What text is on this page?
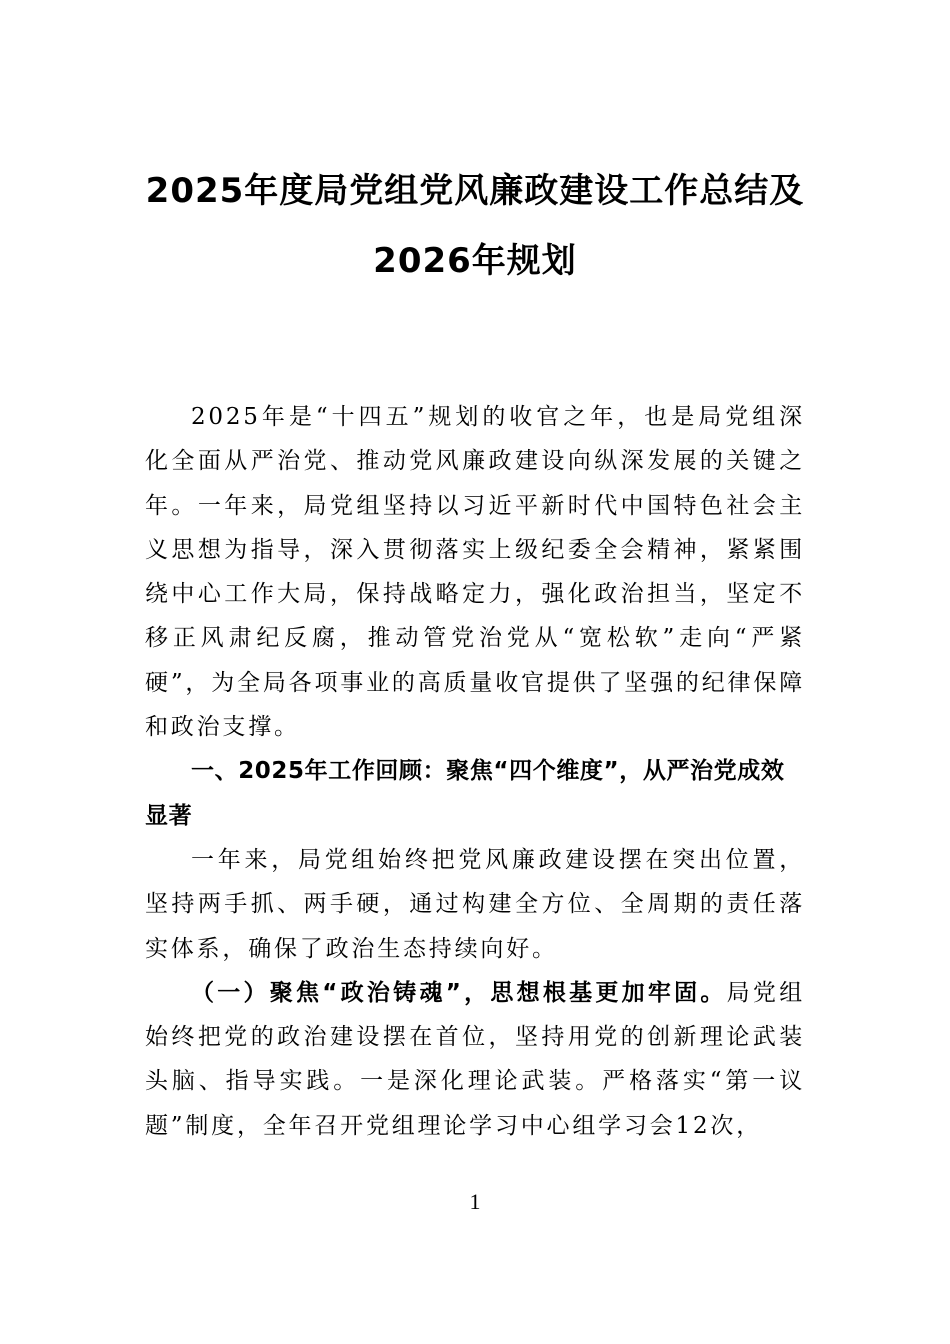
2025年度局党组党风廉政建设工作总结及
2026年规划

2025年是“十四五”规划的收官之年，也是局党组深化全面从严治党、推动党风廉政建设向纵深发展的关键之年。一年来，局党组坚持以习近平新时代中国特色社会主义思想为指导，深入贯彻落实上级纪委全会精神，紧紧围绕中心工作大局，保持战略定力，强化政治担当，坚定不移正风肃纪反腐，推动管党治党从“宽松软”走向“严紧硬”，为全局各项事业的高质量收官提供了坚强的纪律保障和政治支撑。

一、2025年工作回顾：聚焦“四个维度”，从严治党成效显著

一年来，局党组始终把党风廉政建设摆在突出位置，坚持两手抓、两手硬，通过构建全方位、全周期的责任落实体系，确保了政治生态持续向好。

（一）聚焦“政治铸魂”，思想根基更加牢固。局党组始终把党的政治建设摆在首位，坚持用党的创新理论武装头脑、指导实践。一是深化理论武装。严格落实“第一议题”制度，全年召开党组理论学习中心组学习会12次，

1
